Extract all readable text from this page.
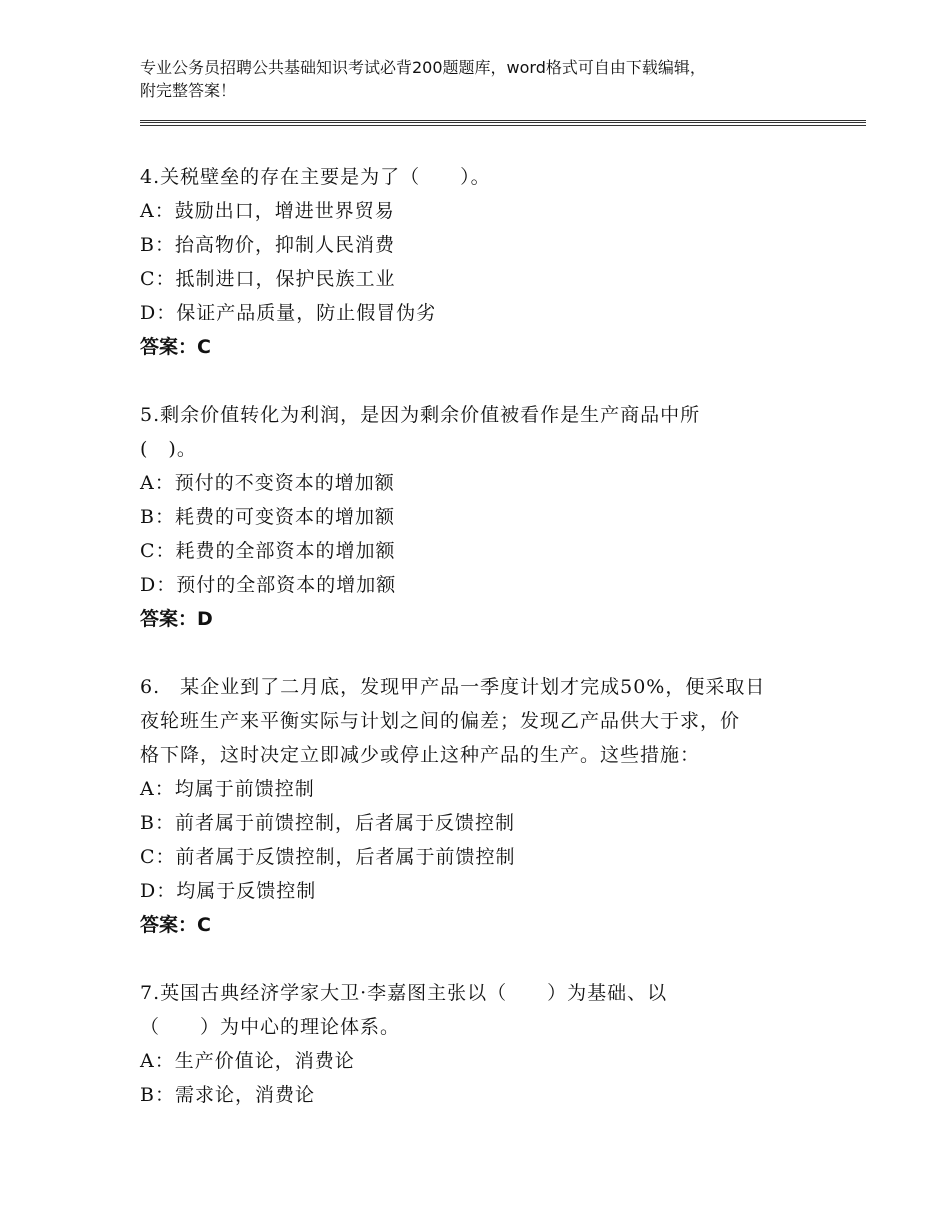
专业公务员招聘公共基础知识考试必背200题题库，word格式可自由下载编辑，
附完整答案！
4.关税壁垒的存在主要是为了（　　）。
A：鼓励出口，增进世界贸易
B：抬高物价，抑制人民消费
C：抵制进口，保护民族工业
D：保证产品质量，防止假冒伪劣
答案：C
5.剩余价值转化为利润，是因为剩余价值被看作是生产商品中所
(　)。
A：预付的不变资本的增加额
B：耗费的可变资本的增加额
C：耗费的全部资本的增加额
D：预付的全部资本的增加额
答案：D
6.　某企业到了二月底，发现甲产品一季度计划才完成50%，便采取日
夜轮班生产来平衡实际与计划之间的偏差；发现乙产品供大于求，价
格下降，这时决定立即减少或停止这种产品的生产。这些措施：
A：均属于前馈控制
B：前者属于前馈控制，后者属于反馈控制
C：前者属于反馈控制，后者属于前馈控制
D：均属于反馈控制
答案：C
7.英国古典经济学家大卫·李嘉图主张以（　　）为基础、以
（　　）为中心的理论体系。
A：生产价值论，消费论
B：需求论，消费论
